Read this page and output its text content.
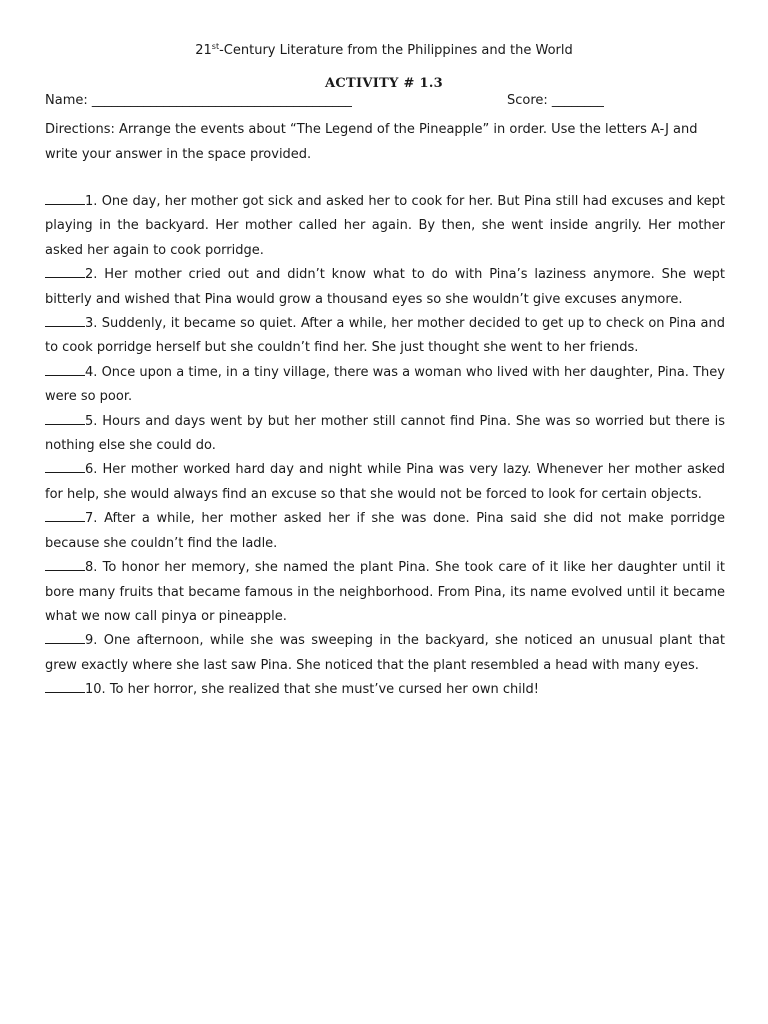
21st-Century Literature from the Philippines and the World
ACTIVITY # 1.3
Name: ________________________________________	Score: ________
Directions: Arrange the events about “The Legend of the Pineapple” in order. Use the letters A-J and write your answer in the space provided.

1. One day, her mother got sick and asked her to cook for her. But Pina still had excuses and kept playing in the backyard. Her mother called her again. By then, she went inside angrily. Her mother asked her again to cook porridge.

2. Her mother cried out and didn’t know what to do with Pina’s laziness anymore. She wept bitterly and wished that Pina would grow a thousand eyes so she wouldn’t give excuses anymore.

3. Suddenly, it became so quiet. After a while, her mother decided to get up to check on Pina and to cook porridge herself but she couldn’t find her. She just thought she went to her friends.

4. Once upon a time, in a tiny village, there was a woman who lived with her daughter, Pina. They were so poor.

5. Hours and days went by but her mother still cannot find Pina. She was so worried but there is nothing else she could do.

6. Her mother worked hard day and night while Pina was very lazy. Whenever her mother asked for help, she would always find an excuse so that she would not be forced to look for certain objects.

7. After a while, her mother asked her if she was done. Pina said she did not make porridge because she couldn’t find the ladle.

8. To honor her memory, she named the plant Pina. She took care of it like her daughter until it bore many fruits that became famous in the neighborhood. From Pina, its name evolved until it became what we now call pinya or pineapple.

9. One afternoon, while she was sweeping in the backyard, she noticed an unusual plant that grew exactly where she last saw Pina. She noticed that the plant resembled a head with many eyes.

10. To her horror, she realized that she must’ve cursed her own child!
